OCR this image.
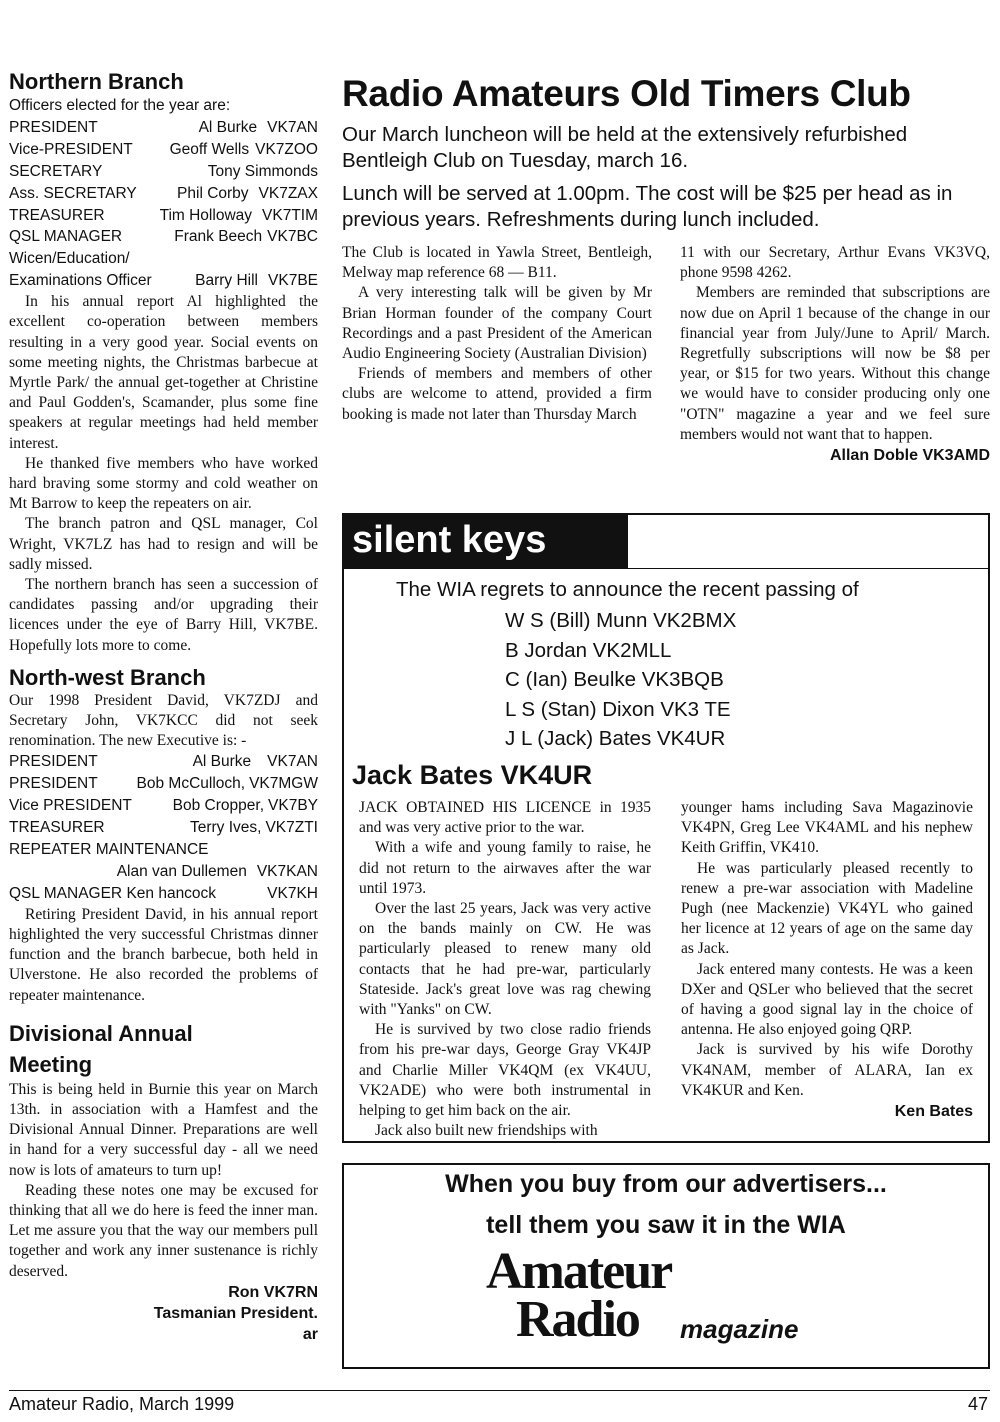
Northern Branch
Officers elected for the year are:
PRESIDENT	Al Burke VK7AN
Vice-PRESIDENT Geoff Wells VK7ZOO
SECRETARY	Tony Simmonds
Ass. SECRETARY	Phil Corby VK7ZAX
TREASURER	Tim Holloway VK7TIM
QSL MANAGER	Frank Beech VK7BC
Wicen/Education/
Examinations Officer	Barry Hill VK7BE

In his annual report Al highlighted the excellent co-operation between members resulting in a very good year. Social events on some meeting nights, the Christmas barbecue at Myrtle Park/ the annual get-together at Christine and Paul Godden's, Scamander, plus some fine speakers at regular meetings had held member interest.

He thanked five members who have worked hard braving some stormy and cold weather on Mt Barrow to keep the repeaters on air.

The branch patron and QSL manager, Col Wright, VK7LZ has had to resign and will be sadly missed.

The northern branch has seen a succession of candidates passing and/or upgrading their licences under the eye of Barry Hill, VK7BE. Hopefully lots more to come.

North-west Branch

Our 1998 President David, VK7ZDJ and Secretary John, VK7KCC did not seek renomination. The new Executive is: -

PRESIDENT	Al Burke VK7AN
PRESIDENT	Bob McCulloch, VK7MGW
Vice PRESIDENT	Bob Cropper, VK7BY
TREASURER	Terry Ives, VK7ZTI
REPEATER MAINTENANCE
Alan van Dullemen VK7KAN
QSL MANAGER Ken hancock	VK7KH

Retiring President David, in his annual report highlighted the very successful Christmas dinner function and the branch barbecue, both held in Ulverstone. He also recorded the problems of repeater maintenance.

Divisional Annual
Meeting

This is being held in Burnie this year on March 13th. in association with a Hamfest and the Divisional Annual Dinner. Preparations are well in hand for a very successful day - all we need now is lots of amateurs to turn up!

Reading these notes one may be excused for thinking that all we do here is feed the inner man. Let me assure you that the way our members pull together and work any inner sustenance is richly deserved.

Ron VK7RN
Tasmanian President.
ar
Radio Amateurs Old Timers Club

Our March luncheon will be held at the extensively refurbished Bentleigh Club on Tuesday, march 16.

Lunch will be served at 1.00pm. The cost will be $25 per head as in previous years. Refreshments during lunch included.

The Club is located in Yawla Street, Bentleigh, Melway map reference 68 — B11.

A very interesting talk will be given by Mr Brian Horman founder of the company Court Recordings and a past President of the American Audio Engineering Society (Australian Division)

Friends of members and members of other clubs are welcome to attend, provided a firm booking is made not later than Thursday March

11 with our Secretary, Arthur Evans VK3VQ, phone 9598 4262.

Members are reminded that subscriptions are now due on April 1 because of the change in our financial year from July/June to April/ March. Regretfully subscriptions will now be $8 per year, or $15 for two years. Without this change we would have to consider producing only one "OTN" magazine a year and we feel sure members would not want that to happen.

Allan Doble VK3AMD
silent keys
The WIA regrets to announce the recent passing of
W S (Bill) Munn VK2BMX
B Jordan VK2MLL
C (Ian) Beulke VK3BQB
L S (Stan) Dixon VK3 TE
J L (Jack) Bates VK4UR
Jack Bates VK4UR

JACK OBTAINED HIS LICENCE in 1935 and was very active prior to the war.

With a wife and young family to raise, he did not return to the airwaves after the war until 1973.

Over the last 25 years, Jack was very active on the bands mainly on CW. He was particularly pleased to renew many old contacts that he had pre-war, particularly Stateside. Jack's great love was rag chewing with "Yanks" on CW.

He is survived by two close radio friends from his pre-war days, George Gray VK4JP and Charlie Miller VK4QM (ex VK4UU, VK2ADE) who were both instrumental in helping to get him back on the air.

Jack also built new friendships with

younger hams including Sava Magazinovie VK4PN, Greg Lee VK4AML and his nephew Keith Griffin, VK410.

He was particularly pleased recently to renew a pre-war association with Madeline Pugh (nee Mackenzie) VK4YL who gained her licence at 12 years of age on the same day as Jack.

Jack entered many contests. He was a keen DXer and QSLer who believed that the secret of having a good signal lay in the choice of antenna. He also enjoyed going QRP.

Jack is survived by his wife Dorothy VK4NAM, member of ALARA, Ian ex VK4KUR and Ken.

Ken Bates
When you buy from our advertisers...
tell them you saw it in the WIA
Amateur
Radio	magazine
Amateur Radio, March 1999	47
